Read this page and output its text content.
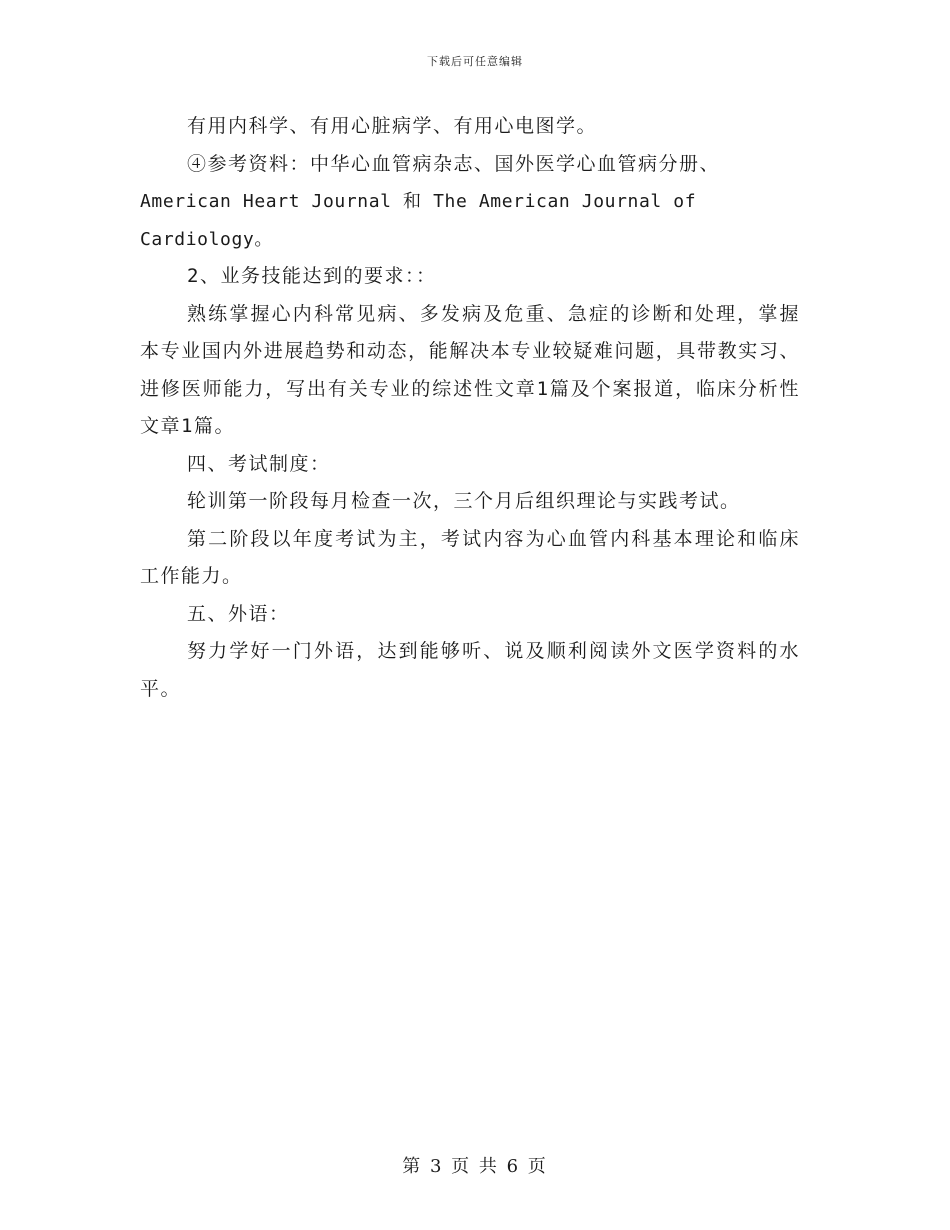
下载后可任意编辑

有用内科学、有用心脏病学、有用心电图学。

④参考资料：中华心血管病杂志、国外医学心血管病分册、

American Heart Journal 和 The American Journal of

Cardiology。

2、业务技能达到的要求：：

熟练掌握心内科常见病、多发病及危重、急症的诊断和处理，掌握本专业国内外进展趋势和动态，能解决本专业较疑难问题，具带教实习、进修医师能力，写出有关专业的综述性文章1篇及个案报道，临床分析性文章1篇。

四、考试制度：

轮训第一阶段每月检查一次，三个月后组织理论与实践考试。

第二阶段以年度考试为主，考试内容为心血管内科基本理论和临床工作能力。

五、外语：

努力学好一门外语，达到能够听、说及顺利阅读外文医学资料的水平。

第 3 页 共 6 页
